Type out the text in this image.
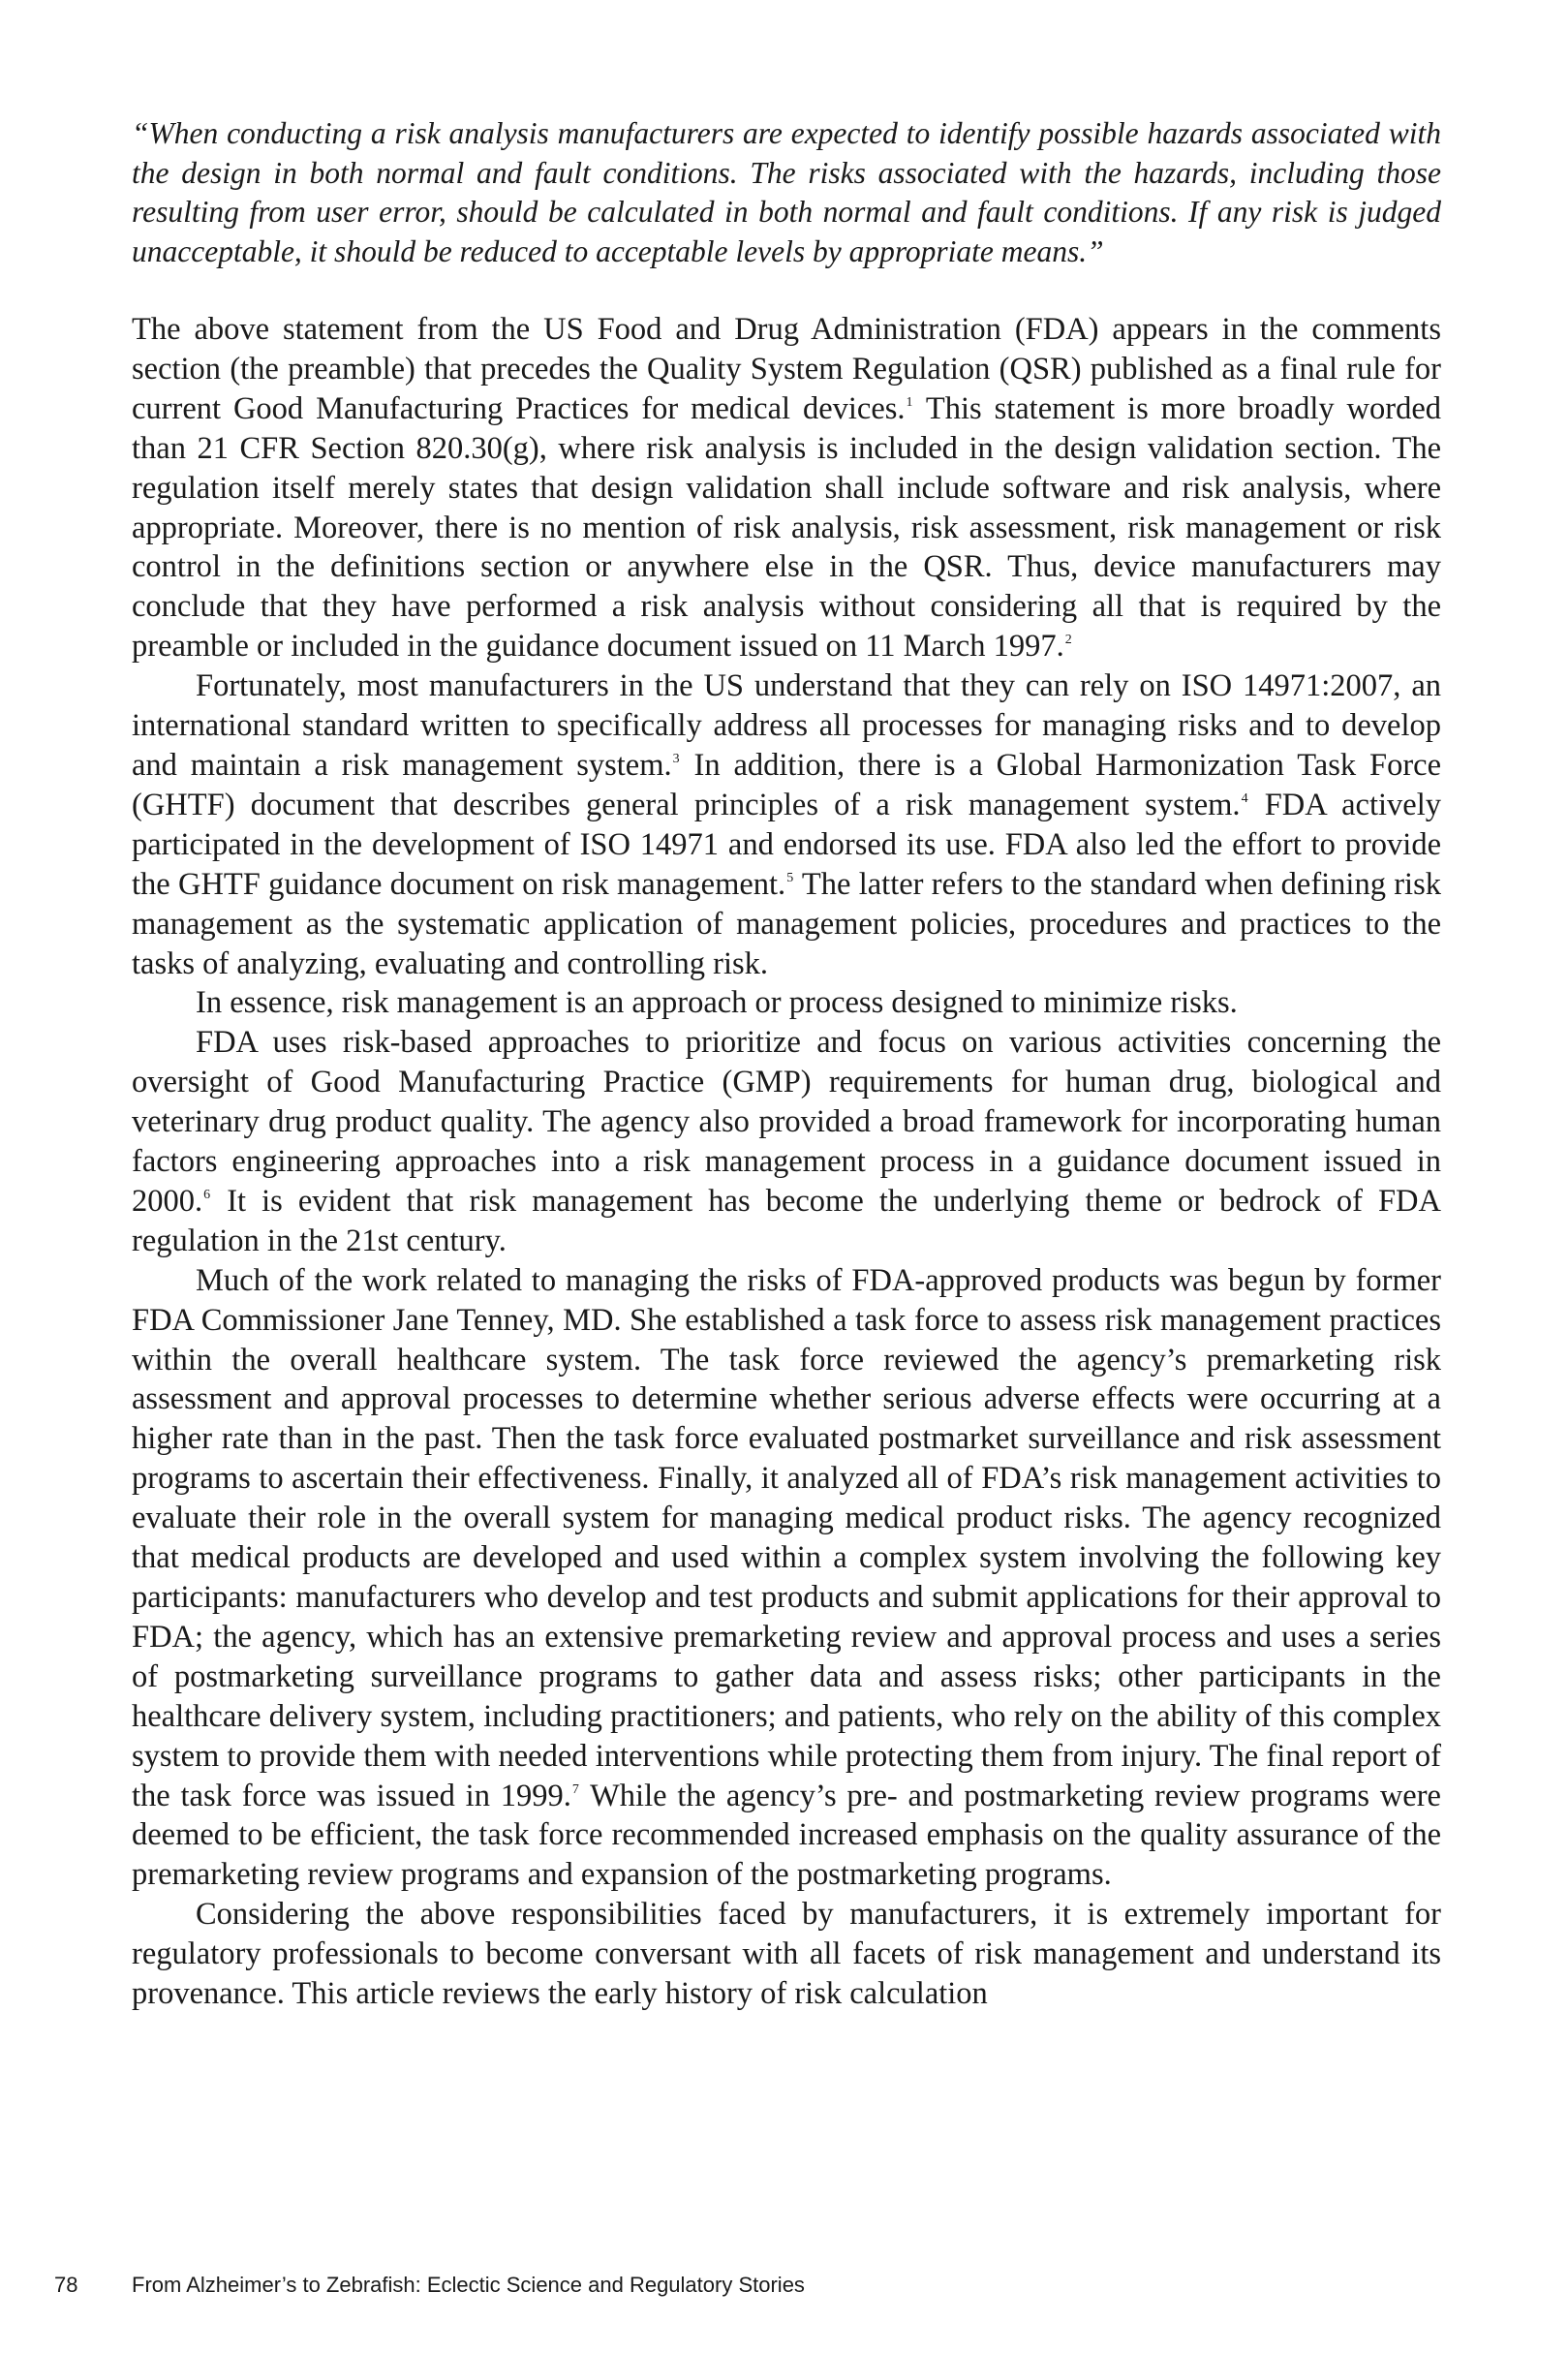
“When conducting a risk analysis manufacturers are expected to identify possible hazards associated with the design in both normal and fault conditions. The risks associated with the hazards, including those resulting from user error, should be calculated in both normal and fault conditions. If any risk is judged unacceptable, it should be reduced to acceptable levels by appropriate means.”

The above statement from the US Food and Drug Administration (FDA) appears in the comments section (the preamble) that precedes the Quality System Regulation (QSR) published as a final rule for current Good Manufacturing Practices for medical devices.$^1$ This statement is more broadly worded than 21 CFR Section 820.30(g), where risk analysis is included in the design validation section. The regulation itself merely states that design validation shall include software and risk analysis, where appropriate. Moreover, there is no mention of risk analysis, risk assessment, risk management or risk control in the definitions section or anywhere else in the QSR. Thus, device manufacturers may conclude that they have performed a risk analysis without considering all that is required by the preamble or included in the guidance document issued on 11 March 1997.$^2$

Fortunately, most manufacturers in the US understand that they can rely on ISO 14971:2007, an international standard written to specifically address all processes for managing risks and to develop and maintain a risk management system.$^3$ In addition, there is a Global Harmonization Task Force (GHTF) document that describes general principles of a risk management system.$^4$ FDA actively participated in the development of ISO 14971 and endorsed its use. FDA also led the effort to provide the GHTF guidance document on risk management.$^5$ The latter refers to the standard when defining risk management as the systematic application of management policies, procedures and practices to the tasks of analyzing, evaluating and controlling risk.

In essence, risk management is an approach or process designed to minimize risks.

FDA uses risk-based approaches to prioritize and focus on various activities concerning the oversight of Good Manufacturing Practice (GMP) requirements for human drug, biological and veterinary drug product quality. The agency also provided a broad framework for incorporating human factors engineering approaches into a risk management process in a guidance document issued in 2000.$^6$ It is evident that risk management has become the underlying theme or bedrock of FDA regulation in the 21st century.

Much of the work related to managing the risks of FDA-approved products was begun by former FDA Commissioner Jane Tenney, MD. She established a task force to assess risk management practices within the overall healthcare system. The task force reviewed the agency’s premarketing risk assessment and approval processes to determine whether serious adverse effects were occurring at a higher rate than in the past. Then the task force evaluated postmarket surveillance and risk assessment programs to ascertain their effectiveness. Finally, it analyzed all of FDA’s risk management activities to evaluate their role in the overall system for managing medical product risks. The agency recognized that medical products are developed and used within a complex system involving the following key participants: manufacturers who develop and test products and submit applications for their approval to FDA; the agency, which has an extensive premarketing review and approval process and uses a series of postmarketing surveillance programs to gather data and assess risks; other participants in the healthcare delivery system, including practitioners; and patients, who rely on the ability of this complex system to provide them with needed interventions while protecting them from injury. The final report of the task force was issued in 1999.$^7$ While the agency’s pre- and postmarketing review programs were deemed to be efficient, the task force recommended increased emphasis on the quality assurance of the premarketing review programs and expansion of the postmarketing programs.

Considering the above responsibilities faced by manufacturers, it is extremely important for regulatory professionals to become conversant with all facets of risk management and understand its provenance. This article reviews the early history of risk calculation

78	From Alzheimer’s to Zebrafish: Eclectic Science and Regulatory Stories
